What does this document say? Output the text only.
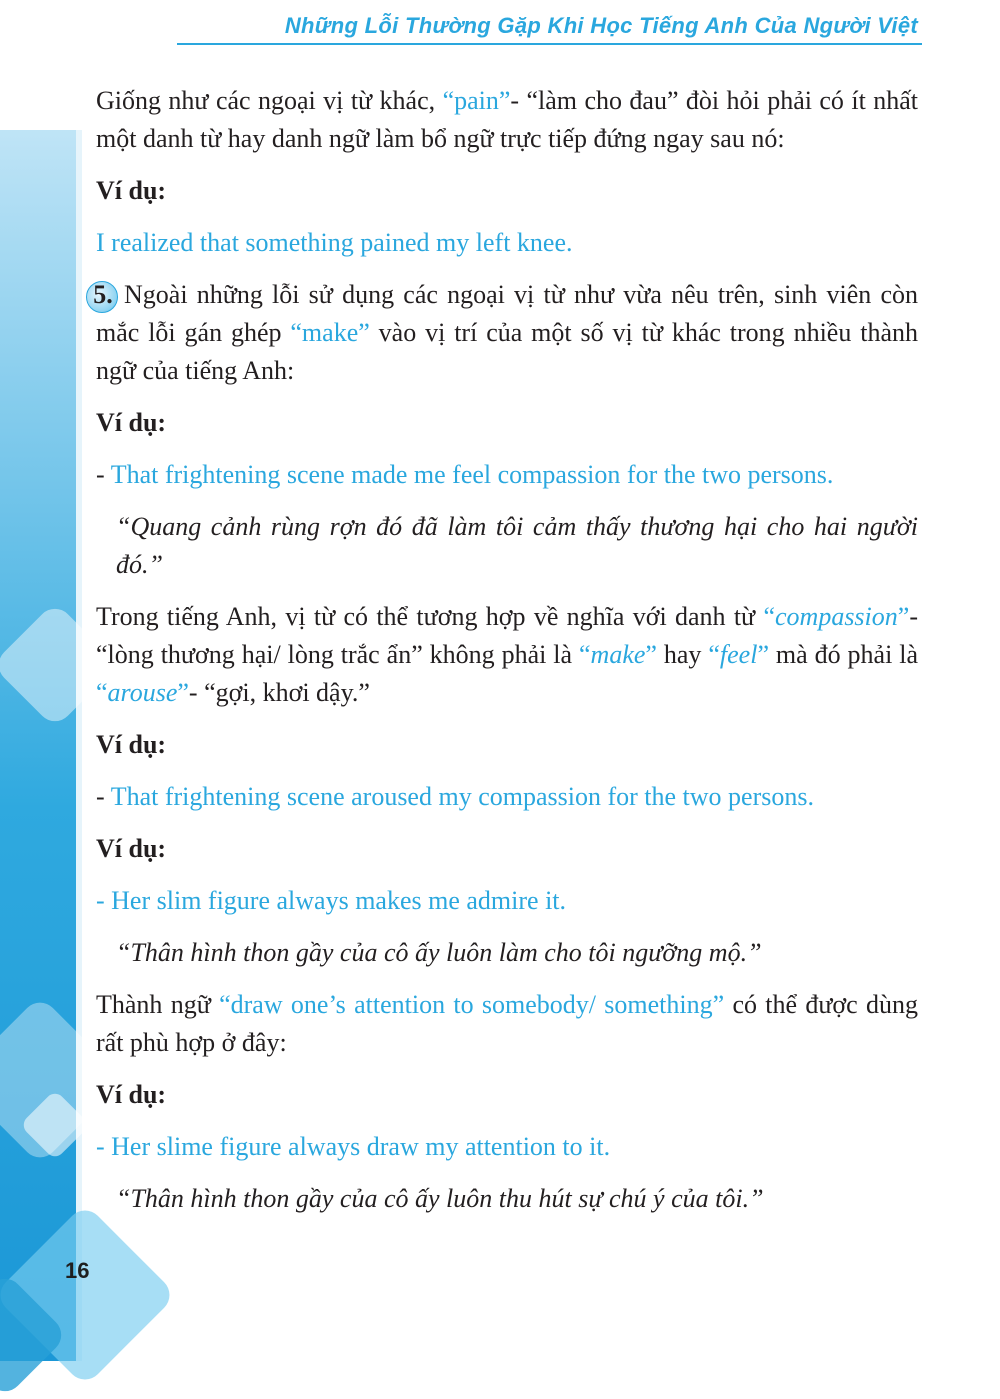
Những Lỗi Thường Gặp Khi Học Tiếng Anh Của Người Việt
16

Giống như các ngoại vị từ khác, “pain”- “làm cho đau” đòi hỏi phải có ít nhất một danh từ hay danh ngữ làm bổ ngữ trực tiếp đứng ngay sau nó:

Ví dụ:

I realized that something pained my left knee.

5. Ngoài những lỗi sử dụng các ngoại vị từ như vừa nêu trên, sinh viên còn mắc lỗi gán ghép “make” vào vị trí của một số vị từ khác trong nhiều thành ngữ của tiếng Anh:

Ví dụ:

- That frightening scene made me feel compassion for the two persons.

“Quang cảnh rùng rợn đó đã làm tôi cảm thấy thương hại cho hai người đó.”

Trong tiếng Anh, vị từ có thể tương hợp về nghĩa với danh từ “compassion”- “lòng thương hại/ lòng trắc ẩn” không phải là “make” hay “feel” mà đó phải là “arouse”- “gợi, khơi dậy.”

Ví dụ:

- That frightening scene aroused my compassion for the two persons.

Ví dụ:

- Her slim figure always makes me admire it.

“Thân hình thon gầy của cô ấy luôn làm cho tôi ngưỡng mộ.”

Thành ngữ “draw one’s attention to somebody/ something” có thể được dùng rất phù hợp ở đây:

Ví dụ:

- Her slime figure always draw my attention to it.

“Thân hình thon gầy của cô ấy luôn thu hút sự chú ý của tôi.”
